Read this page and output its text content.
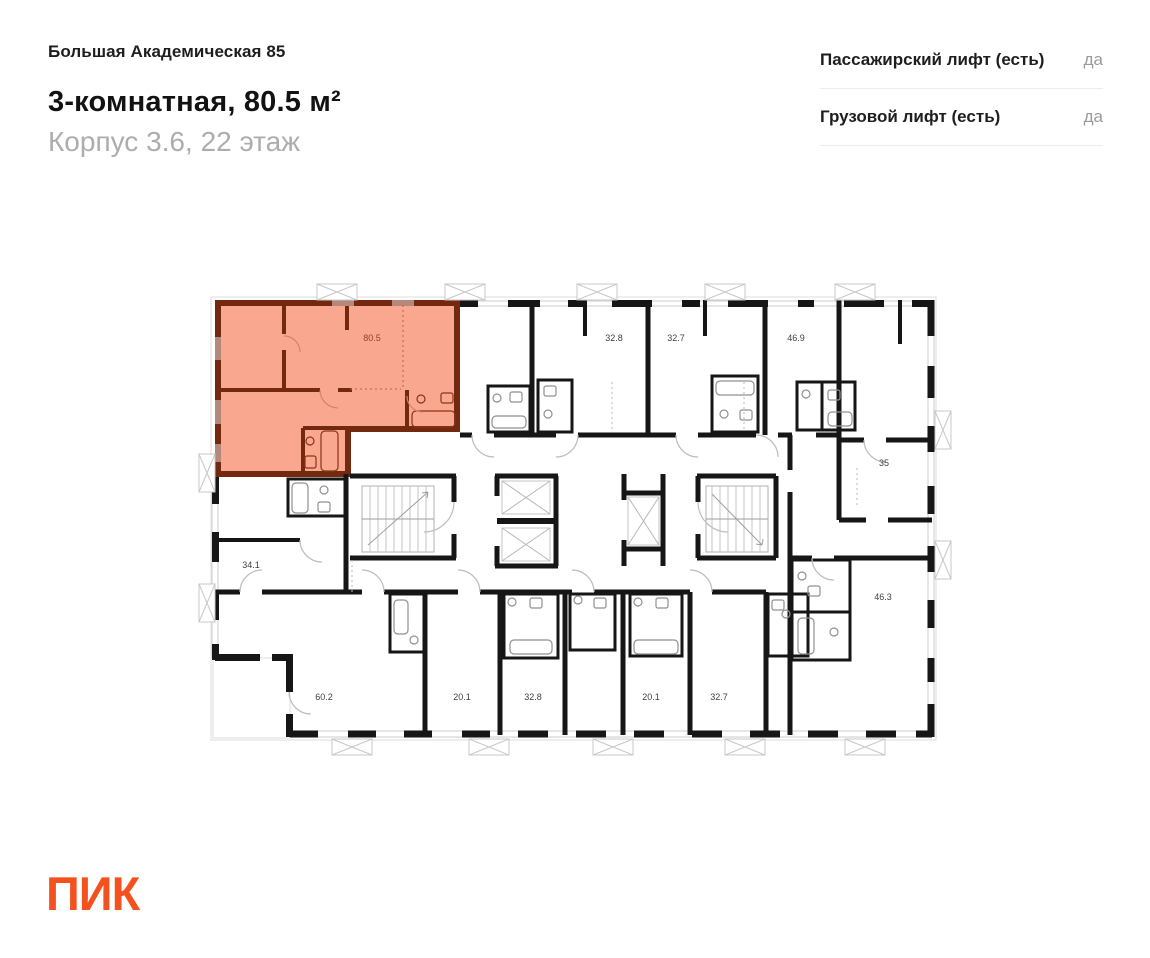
Большая Академическая 85
3-комнатная, 80.5 м²
Корпус 3.6, 22 этаж
Пассажирский лифт (есть) да
Грузовой лифт (есть)	да
80.5	32.8	32.7	46.9
35
34.1
46.3
60.2	20.1	32.8	20.1	32.7
ПИК
